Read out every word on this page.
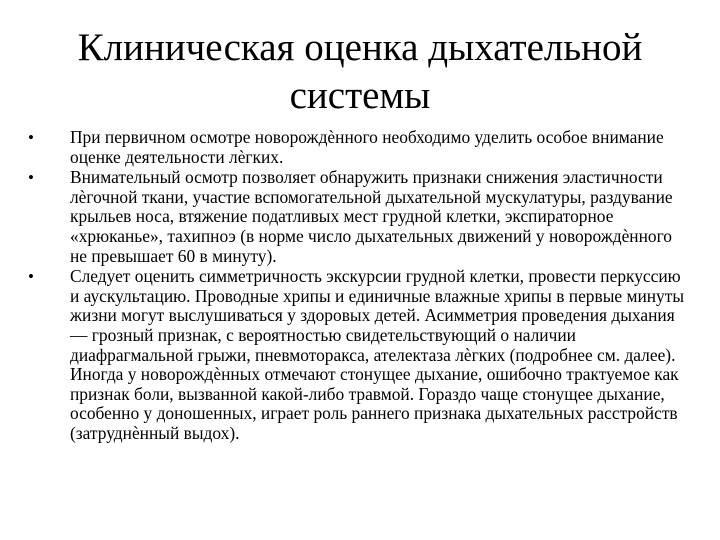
Клиническая оценка дыхательной
системы
•	При первичном осмотре новорождѐнного необходимо уделить особое внимание оценке деятельности лѐгких.
•	Внимательный осмотр позволяет обнаружить признаки снижения эластичности лѐгочной ткани, участие вспомогательной дыхательной мускулатуры, раздувание крыльев носа, втяжение податливых мест грудной клетки, экспираторное «хрюканье», тахипноэ (в норме число дыхательных движений у новорождѐнного не превышает 60 в минуту).
•	Следует оценить симметричность экскурсии грудной клетки, провести перкуссию и аускультацию. Проводные хрипы и единичные влажные хрипы в первые минуты жизни могут выслушиваться у здоровых детей. Асимметрия проведения дыхания — грозный признак, с вероятностью свидетельствующий о наличии диафрагмальной грыжи, пневмоторакса, ателектаза лѐгких (подробнее см. далее). Иногда у новорождѐнных отмечают стонущее дыхание, ошибочно трактуемое как признак боли, вызванной какой-либо травмой. Гораздо чаще стонущее дыхание, особенно у доношенных, играет роль раннего признака дыхательных расстройств (затруднѐнный выдох).
